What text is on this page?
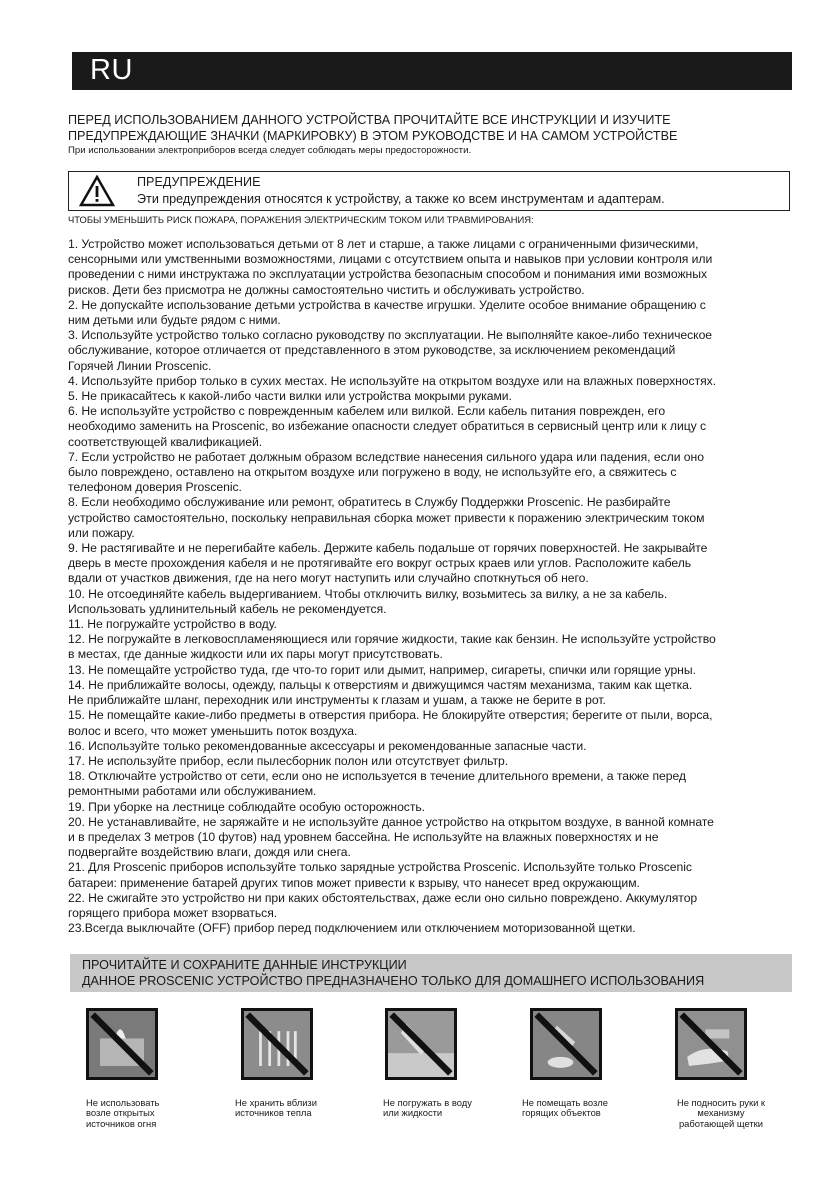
RU
ПЕРЕД ИСПОЛЬЗОВАНИЕМ ДАННОГО УСТРОЙСТВА ПРОЧИТАЙТЕ ВСЕ ИНСТРУКЦИИ И ИЗУЧИТЕ
ПРЕДУПРЕЖДАЮЩИЕ ЗНАЧКИ (МАРКИРОВКУ) В ЭТОМ РУКОВОДСТВЕ И НА САМОМ УСТРОЙСТВЕ
При использовании электроприборов всегда следует соблюдать меры предосторожности.
ПРЕДУПРЕЖДЕНИЕ
Эти предупреждения относятся к устройству, а также ко всем инструментам и адаптерам.
ЧТОБЫ УМЕНЬШИТЬ РИСК ПОЖАРА, ПОРАЖЕНИЯ ЭЛЕКТРИЧЕСКИМ ТОКОМ ИЛИ ТРАВМИРОВАНИЯ:
1. Устройство может использоваться детьми от 8 лет и старше, а также лицами с ограниченными физическими,
сенсорными или умственными возможностями, лицами с отсутствием опыта и навыков при условии контроля или
проведении с ними инструктажа по эксплуатации устройства безопасным способом и понимания ими возможных
рисков. Дети без присмотра не должны самостоятельно чистить и обслуживать устройство.
2. Не допускайте использование детьми устройства в качестве игрушки. Уделите особое внимание обращению с
ним детьми или будьте рядом с ними.
3. Используйте устройство только согласно руководству по эксплуатации. Не выполняйте какое-либо техническое
обслуживание, которое отличается от представленного в этом руководстве, за исключением рекомендаций
Горячей Линии Proscenic.
4. Используйте прибор только в сухих местах. Не используйте на открытом воздухе или на влажных поверхностях.
5. Не прикасайтесь к какой-либо части вилки или устройства мокрыми руками.
6. Не используйте устройство с поврежденным кабелем или вилкой. Если кабель питания поврежден, его
необходимо заменить на Proscenic, во избежание опасности следует обратиться в сервисный центр или к лицу с
соответствующей квалификацией.
7. Если устройство не работает должным образом вследствие нанесения сильного удара или падения, если оно
было повреждено, оставлено на открытом воздухе или погружено в воду, не используйте его, а свяжитесь с
телефоном доверия Proscenic.
8. Если необходимо обслуживание или ремонт, обратитесь в Службу Поддержки Proscenic. Не разбирайте
устройство самостоятельно, поскольку неправильная сборка может привести к поражению электрическим током
или пожару.
9. Не растягивайте и не перегибайте кабель. Держите кабель подальше от горячих поверхностей. Не закрывайте
дверь в месте прохождения кабеля и не протягивайте его вокруг острых краев или углов. Расположите кабель
вдали от участков движения, где на него могут наступить или случайно споткнуться об него.
10. Не отсоединяйте кабель выдергиванием. Чтобы отключить вилку, возьмитесь за вилку, а не за кабель.
Использовать удлинительный кабель не рекомендуется.
11. Не погружайте устройство в воду.
12. Не погружайте в легковоспламеняющиеся или горячие жидкости, такие как бензин. Не используйте устройство
в местах, где данные жидкости или их пары могут присутствовать.
13. Не помещайте устройство туда, где что-то горит или дымит, например, сигареты, спички или горящие урны.
14. Не приближайте волосы, одежду, пальцы к отверстиям и движущимся частям механизма, таким как щетка.
Не приближайте шланг, переходник или инструменты к глазам и ушам, а также не берите в рот.
15. Не помещайте какие-либо предметы в отверстия прибора. Не блокируйте отверстия; берегите от пыли, ворса,
волос и всего, что может уменьшить поток воздуха.
16. Используйте только рекомендованные аксессуары и рекомендованные запасные части.
17. Не используйте прибор, если пылесборник полон или отсутствует фильтр.
18. Отключайте устройство от сети, если оно не используется в течение длительного времени, а также перед
ремонтными работами или обслуживанием.
19. При уборке на лестнице соблюдайте особую осторожность.
20. Не устанавливайте, не заряжайте и не используйте данное устройство на открытом воздухе, в ванной комнате
и в пределах 3 метров (10 футов) над уровнем бассейна. Не используйте на влажных поверхностях и не
подвергайте воздействию влаги, дождя или снега.
21. Для Proscenic приборов используйте только зарядные устройства Proscenic. Используйте только Proscenic
батареи: применение батарей других типов может привести к взрыву, что нанесет вред окружающим.
22. Не сжигайте это устройство ни при каких обстоятельствах, даже если оно сильно повреждено. Аккумулятор
горящего прибора может взорваться.
23.Всегда выключайте (OFF) прибор перед подключением или отключением моторизованной щетки.
ПРОЧИТАЙТЕ И СОХРАНИТЕ ДАННЫЕ ИНСТРУКЦИИ
ДАННОЕ PROSCENIC УСТРОЙСТВО ПРЕДНАЗНАЧЕНО ТОЛЬКО ДЛЯ ДОМАШНЕГО ИСПОЛЬЗОВАНИЯ
Не использовать
возле открытых
источников огня
Не хранить вблизи
источников тепла
Не погружать в воду
или жидкости
Не помещать возле
горящих объектов
Не подносить руки к
механизму
работающей щетки
